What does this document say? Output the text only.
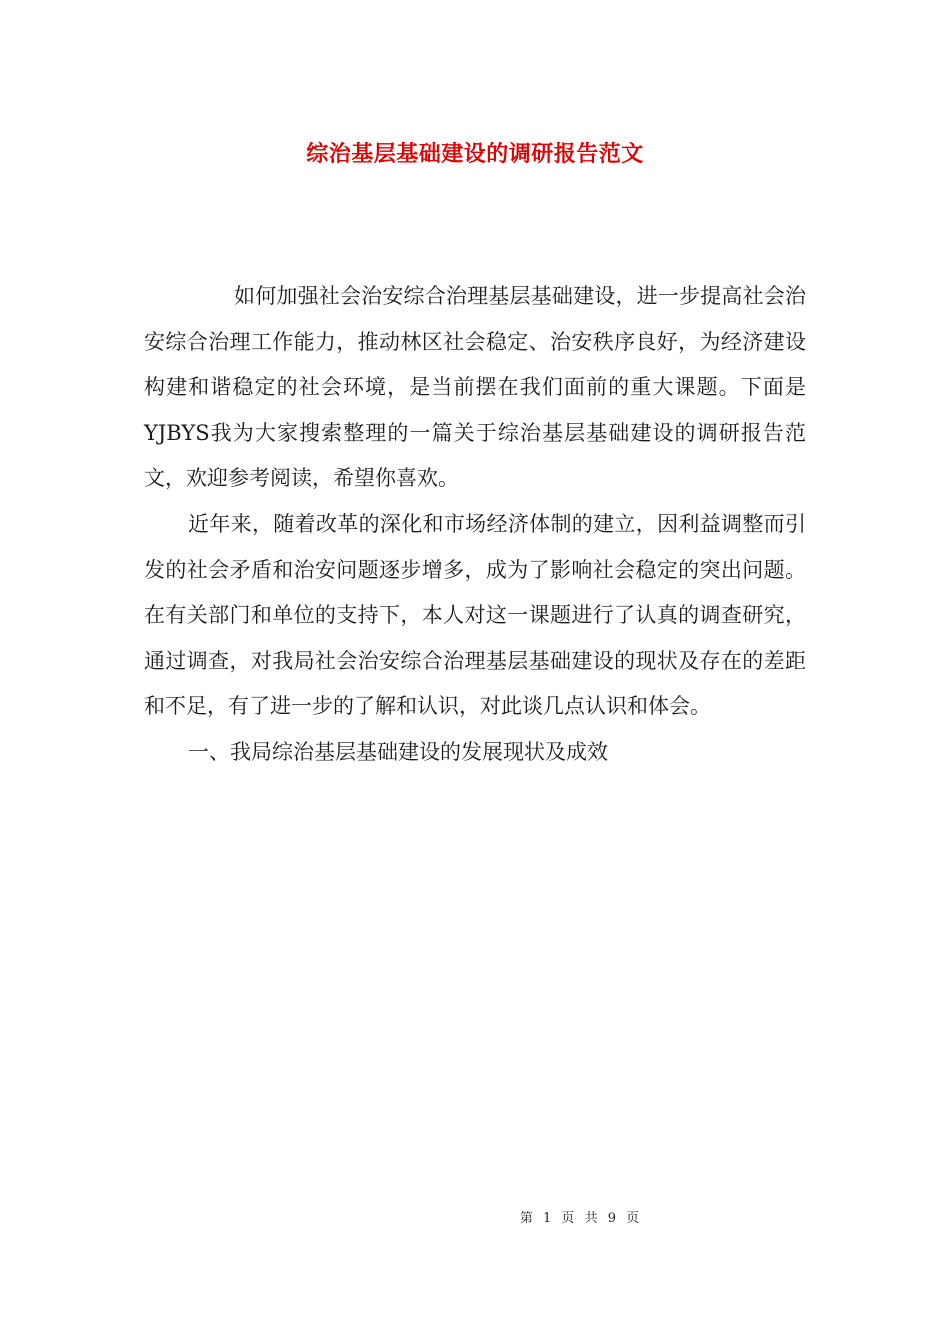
综治基层基础建设的调研报告范文

如何加强社会治安综合治理基层基础建设，进一步提高社会治安综合治理工作能力，推动林区社会稳定、治安秩序良好，为经济建设构建和谐稳定的社会环境，是当前摆在我们面前的重大课题。下面是YJBYS我为大家搜索整理的一篇关于综治基层基础建设的调研报告范文，欢迎参考阅读，希望你喜欢。

近年来，随着改革的深化和市场经济体制的建立，因利益调整而引发的社会矛盾和治安问题逐步增多，成为了影响社会稳定的突出问题。在有关部门和单位的支持下，本人对这一课题进行了认真的调查研究，通过调查，对我局社会治安综合治理基层基础建设的现状及存在的差距和不足，有了进一步的了解和认识，对此谈几点认识和体会。

一、我局综治基层基础建设的发展现状及成效

第 1 页 共 9 页
